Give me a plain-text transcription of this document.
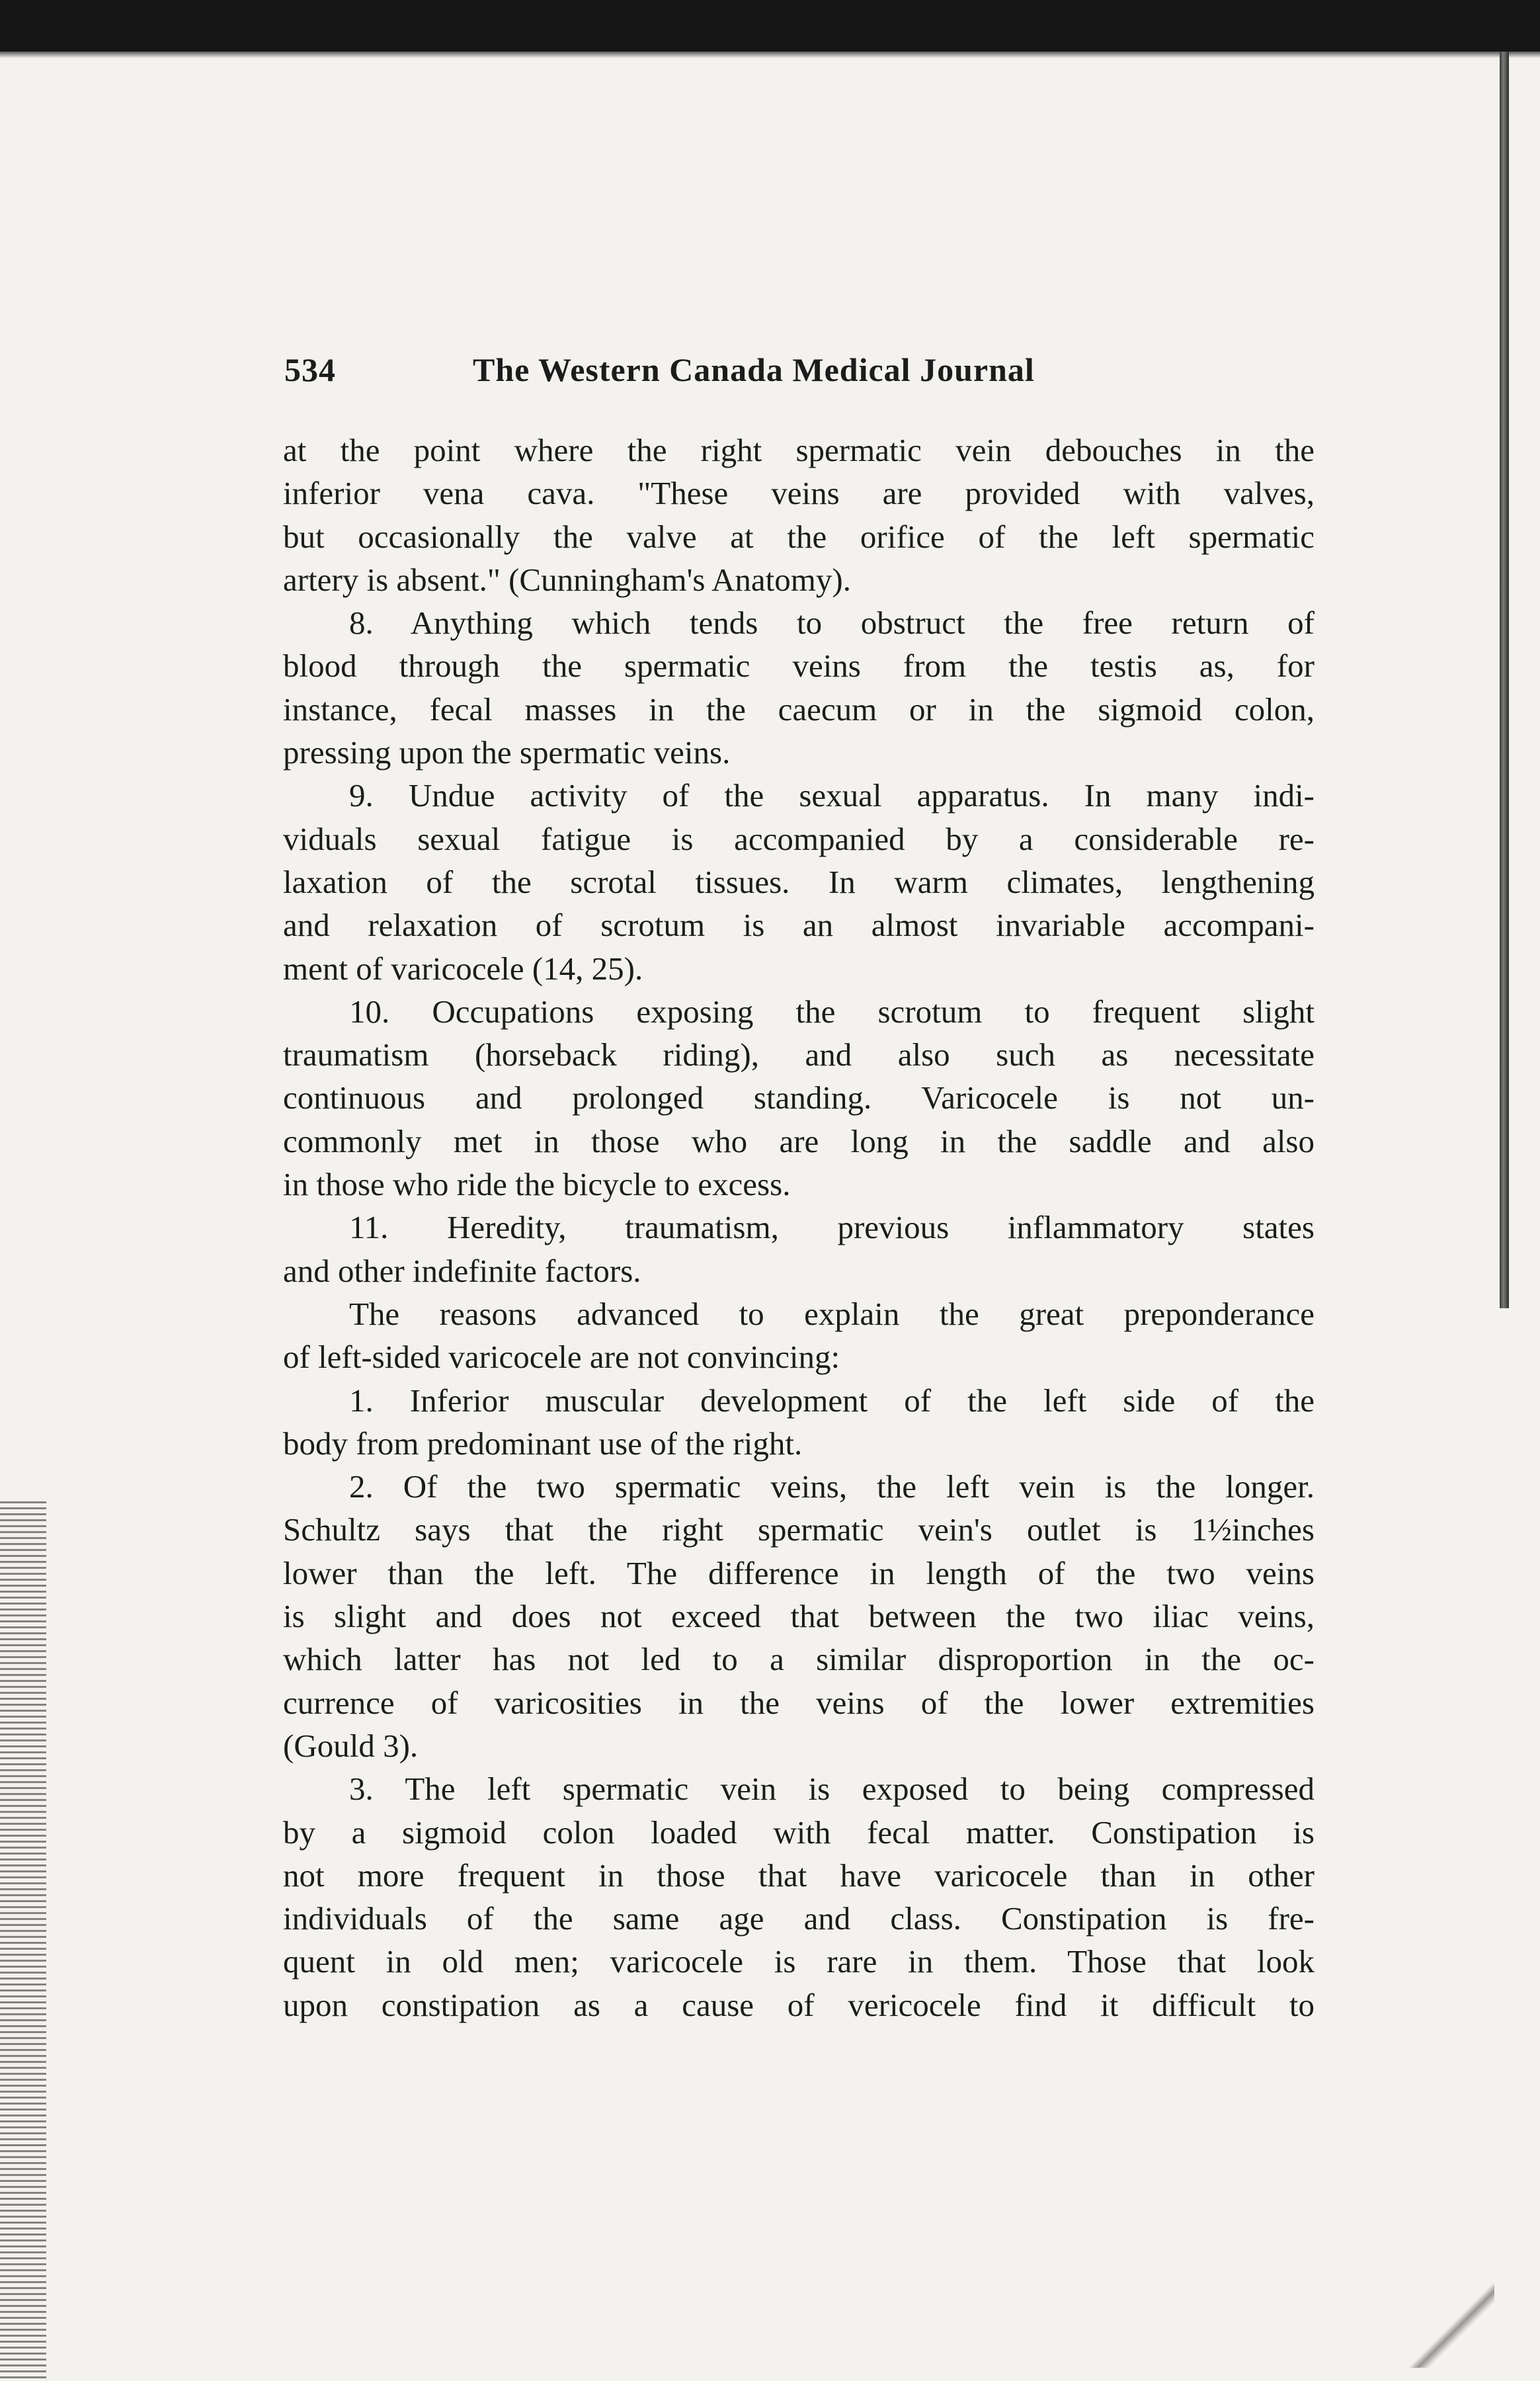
534	The Western Canada Medical Journal
at the point where the right spermatic vein debouches in the
inferior vena cava. "These veins are provided with valves,
but occasionally the valve at the orifice of the left spermatic
artery is absent." (Cunningham's Anatomy).
8. Anything which tends to obstruct the free return of
blood through the spermatic veins from the testis as, for
instance, fecal masses in the caecum or in the sigmoid colon,
pressing upon the spermatic veins.
9. Undue activity of the sexual apparatus. In many indi-
viduals sexual fatigue is accompanied by a considerable re-
laxation of the scrotal tissues. In warm climates, lengthening
and relaxation of scrotum is an almost invariable accompani-
ment of varicocele (14, 25).
10. Occupations exposing the scrotum to frequent slight
traumatism (horseback riding), and also such as necessitate
continuous and prolonged standing. Varicocele is not un-
commonly met in those who are long in the saddle and also
in those who ride the bicycle to excess.
11. Heredity, traumatism, previous inflammatory states
and other indefinite factors.
The reasons advanced to explain the great preponderance
of left-sided varicocele are not convincing:
1. Inferior muscular development of the left side of the
body from predominant use of the right.
2. Of the two spermatic veins, the left vein is the longer.
Schultz says that the right spermatic vein's outlet is 1½inches
lower than the left. The difference in length of the two veins
is slight and does not exceed that between the two iliac veins,
which latter has not led to a similar disproportion in the oc-
currence of varicosities in the veins of the lower extremities
(Gould 3).
3. The left spermatic vein is exposed to being compressed
by a sigmoid colon loaded with fecal matter. Constipation is
not more frequent in those that have varicocele than in other
individuals of the same age and class. Constipation is fre-
quent in old men; varicocele is rare in them. Those that look
upon constipation as a cause of vericocele find it difficult to
